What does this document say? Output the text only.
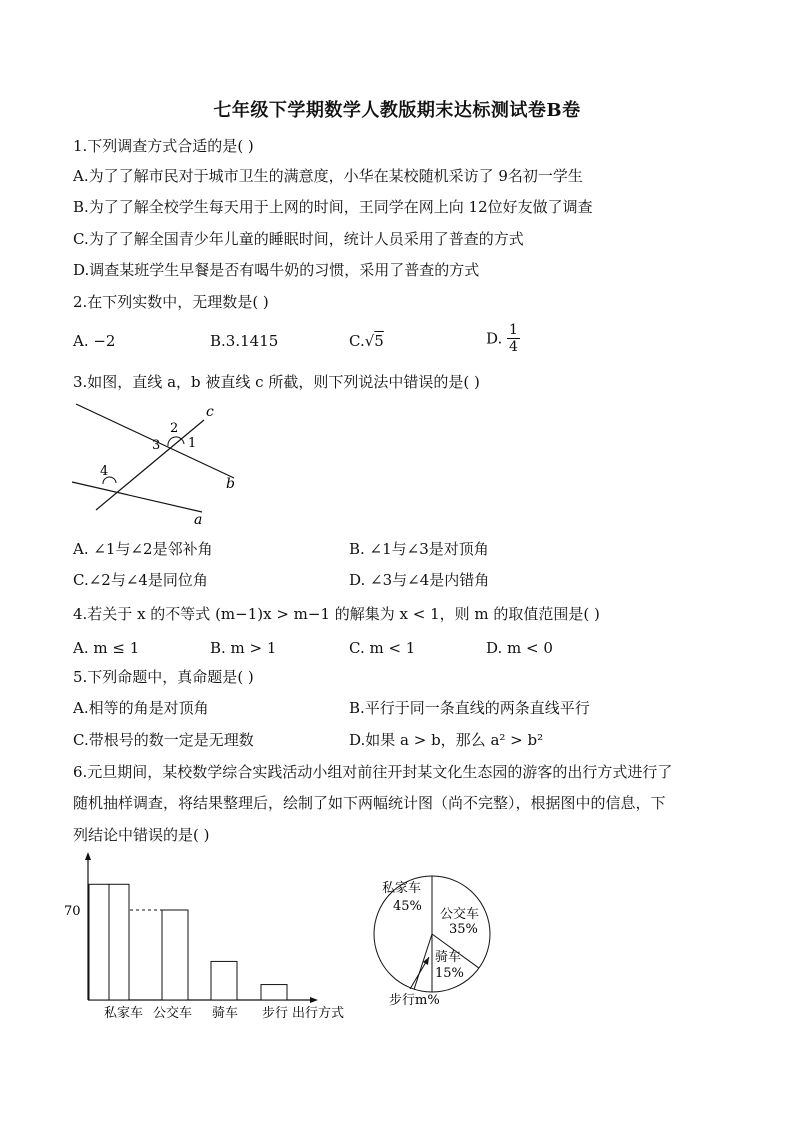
七年级下学期数学人教版期末达标测试卷B卷
1.下列调查方式合适的是( )
A.为了了解市民对于城市卫生的满意度，小华在某校随机采访了 9名初一学生
B.为了了解全校学生每天用于上网的时间，王同学在网上向 12位好友做了调查
C.为了了解全国青少年儿童的睡眠时间，统计人员采用了普查的方式
D.调查某班学生早餐是否有喝牛奶的习惯，采用了普查的方式
2.在下列实数中，无理数是( )
A. −2	B.3.1415	C.√5	D. $\frac{1}{4}$
3.如图，直线 a，b 被直线 c 所截，则下列说法中错误的是( )
c
b
a
2
1
3
4
A. ∠1与∠2是邻补角	B. ∠1与∠3是对顶角
C.∠2与∠4是同位角	D. ∠3与∠4是内错角
4.若关于 x 的不等式 (m−1)x > m−1 的解集为 x < 1，则 m 的取值范围是( )
A. m ≤ 1	B. m > 1	C. m < 1	D. m < 0
5.下列命题中，真命题是( )
A.相等的角是对顶角	B.平行于同一条直线的两条直线平行
C.带根号的数一定是无理数	D.如果 a > b，那么 a² > b²
6.元旦期间，某校数学综合实践活动小组对前往开封某文化生态园的游客的出行方式进行了
随机抽样调查，将结果整理后，绘制了如下两幅统计图（尚不完整），根据图中的信息，下
列结论中错误的是( )
70
私家车 公交车 骑车 步行 出行方式
私家车
45%
公交车
35%
骑车
15%
步行m%
